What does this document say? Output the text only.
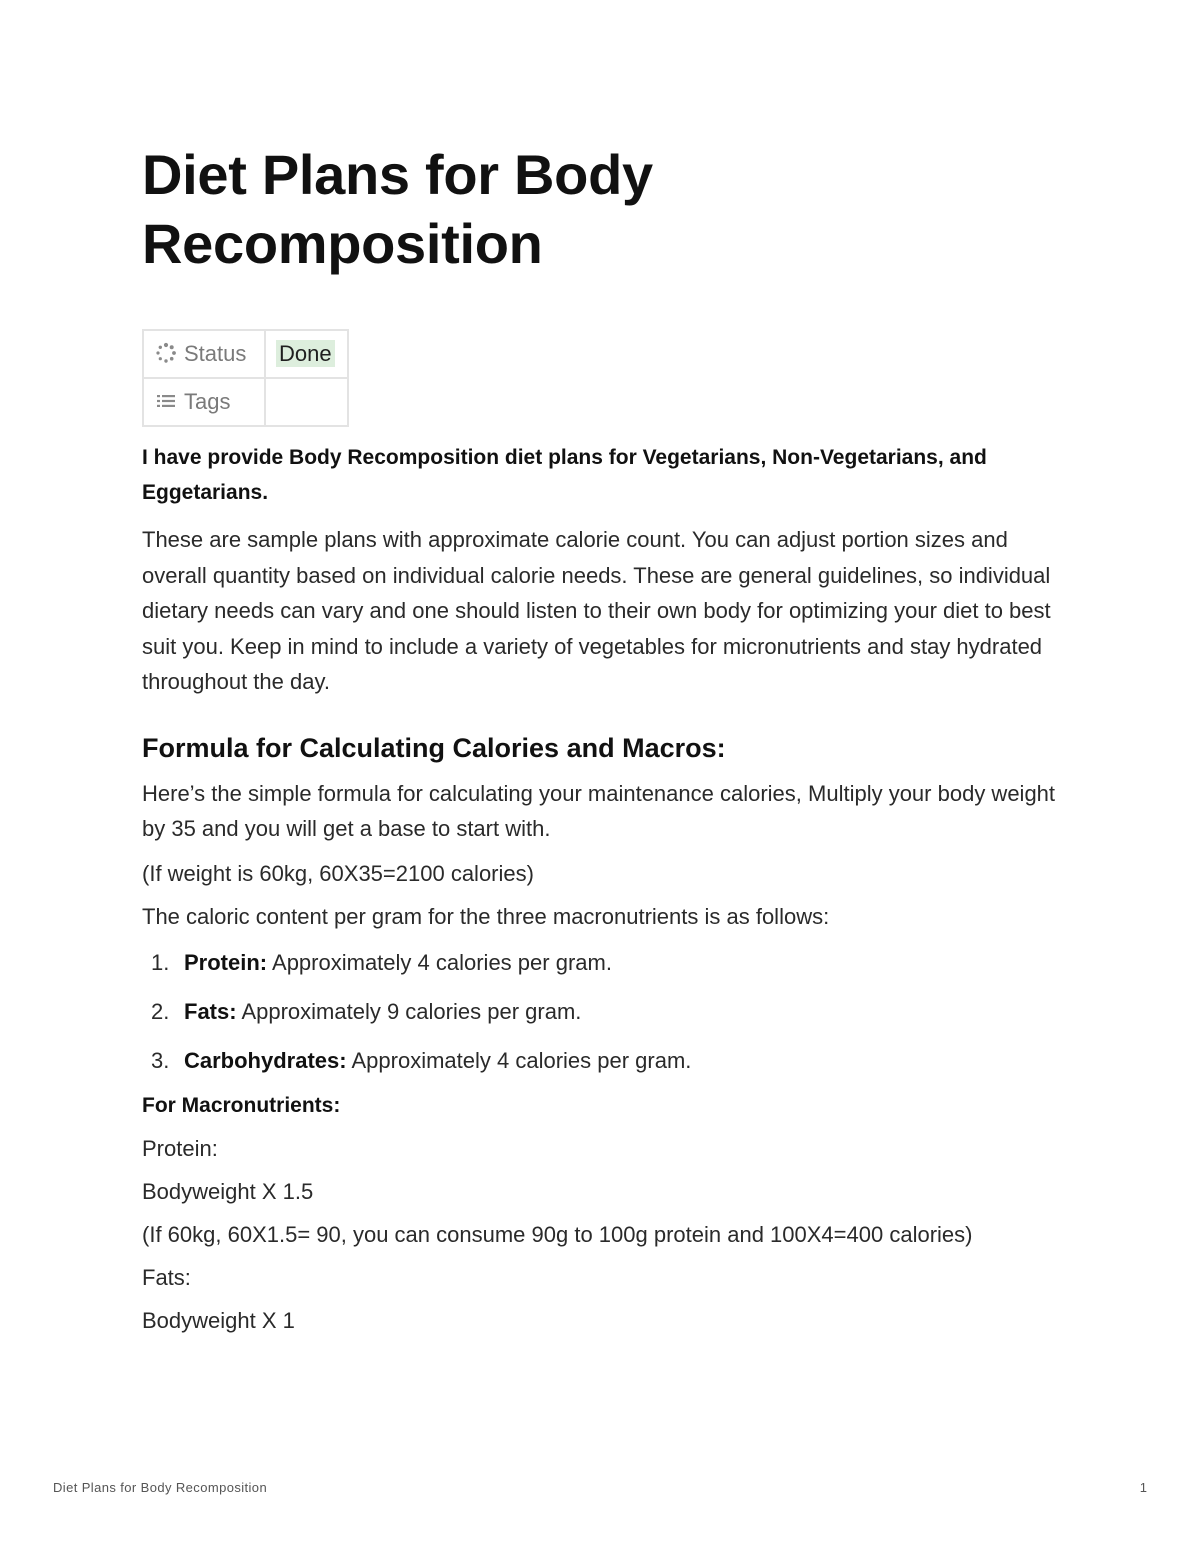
Diet Plans for Body Recomposition
Status	Done
Tags	

I have provide Body Recomposition diet plans for Vegetarians, Non-Vegetarians, and Eggetarians.

These are sample plans with approximate calorie count. You can adjust portion sizes and overall quantity based on individual calorie needs. These are general guidelines, so individual dietary needs can vary and one should listen to their own body for optimizing your diet to best suit you. Keep in mind to include a variety of vegetables for micronutrients and stay hydrated throughout the day.

Formula for Calculating Calories and Macros:

Here’s the simple formula for calculating your maintenance calories, Multiply your body weight by 35 and you will get a base to start with.

(If weight is 60kg, 60X35=2100 calories)

The caloric content per gram for the three macronutrients is as follows:

1. Protein: Approximately 4 calories per gram.
2. Fats: Approximately 9 calories per gram.
3. Carbohydrates: Approximately 4 calories per gram.

For Macronutrients:

Protein:

Bodyweight X 1.5

(If 60kg, 60X1.5= 90, you can consume 90g to 100g protein and 100X4=400 calories)

Fats:

Bodyweight X 1

Diet Plans for Body Recomposition	1
